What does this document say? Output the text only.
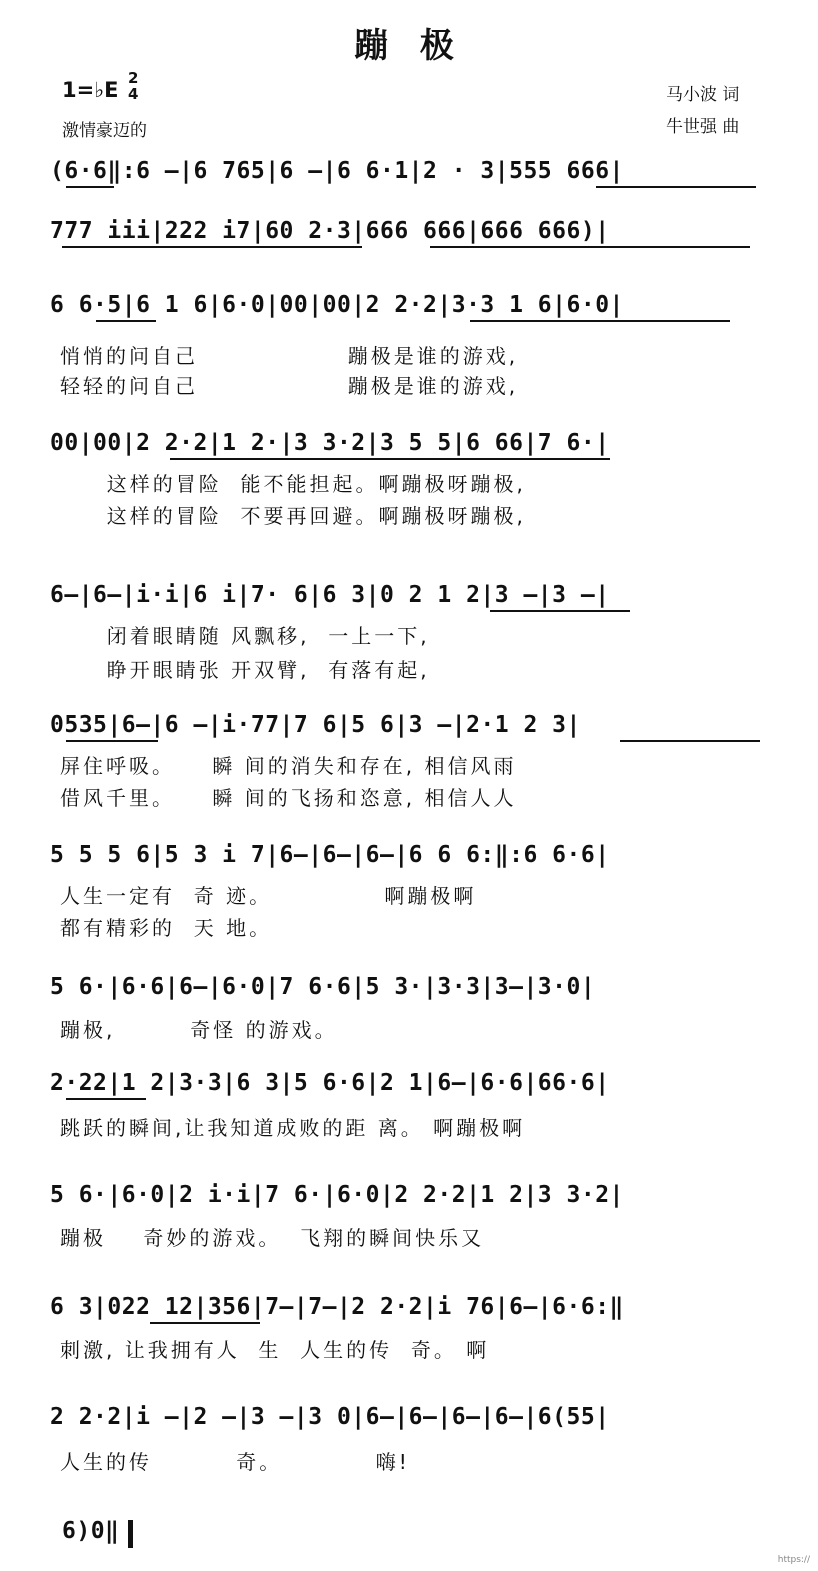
蹦 极
1=♭E 2
4
激情豪迈的
马小波 词
牛世强 曲
(6·6‖:6 –|6 765|6 –|6 6·1|2 · 3|555 666|
777 iii|222 i7|60 2·3|666 666|666 666)|
6 6·5|6 1 6|6·0|00|00|2 2·2|3·3 1 6|6·0|
悄悄的问自己                蹦极是谁的游戏,
轻轻的问自己                蹦极是谁的游戏,
00|00|2 2·2|1 2·|3 3·2|3 5 5|6 66|7 6·|
这样的冒险  能不能担起。啊蹦极呀蹦极,
这样的冒险  不要再回避。啊蹦极呀蹦极,
6–|6–|i·i|6 i|7· 6|6 3|0 2 1 2|3 –|3 –|
闭着眼睛随 风飘移,  一上一下,
睁开眼睛张 开双臂,  有落有起,
0535|6–|6 –|i·77|7 6|5 6|3 –|2·1 2 3|
屏住呼吸。    瞬 间的消失和存在, 相信风雨
借风千里。    瞬 间的飞扬和恣意, 相信人人
5 5 5 6|5 3 i 7|6–|6–|6–|6 6 6:‖:6 6·6|
人生一定有  奇 迹。            啊蹦极啊
都有精彩的  天 地。
5 6·|6·6|6–|6·0|7 6·6|5 3·|3·3|3–|3·0|
蹦极,        奇怪 的游戏。
2·22|1 2|3·3|6 3|5 6·6|2 1|6–|6·6|66·6|
跳跃的瞬间,让我知道成败的距 离。 啊蹦极啊
5 6·|6·0|2 i·i|7 6·|6·0|2 2·2|1 2|3 3·2|
蹦极    奇妙的游戏。  飞翔的瞬间快乐又
6 3|022 12|356|7–|7–|2 2·2|i 76|6–|6·6:‖
刺激, 让我拥有人  生  人生的传  奇。 啊
2 2·2|i –|2 –|3 –|3 0|6–|6–|6–|6–|6(55|
人生的传         奇。          嗨!
6)0‖
https://
